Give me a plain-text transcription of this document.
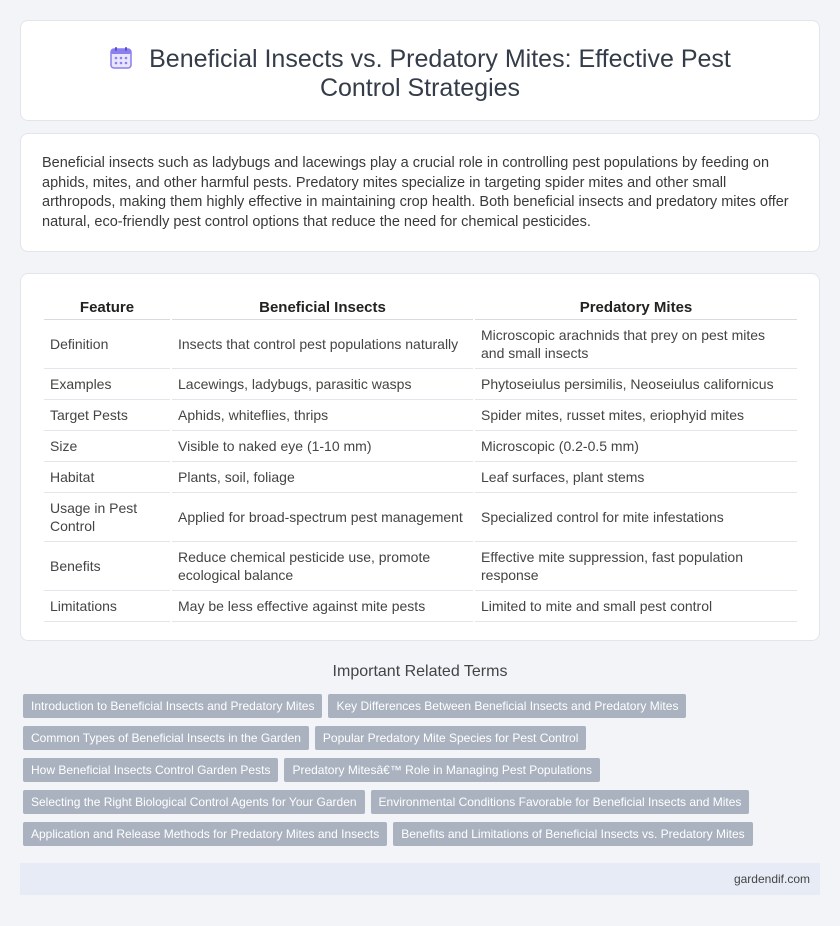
Beneficial Insects vs. Predatory Mites: Effective Pest Control Strategies

Beneficial insects such as ladybugs and lacewings play a crucial role in controlling pest populations by feeding on aphids, mites, and other harmful pests. Predatory mites specialize in targeting spider mites and other small arthropods, making them highly effective in maintaining crop health. Both beneficial insects and predatory mites offer natural, eco-friendly pest control options that reduce the need for chemical pesticides.

Feature	Beneficial Insects	Predatory Mites
Definition	Insects that control pest populations naturally	Microscopic arachnids that prey on pest mites and small insects
Examples	Lacewings, ladybugs, parasitic wasps	Phytoseiulus persimilis, Neoseiulus californicus
Target Pests	Aphids, whiteflies, thrips	Spider mites, russet mites, eriophyid mites
Size	Visible to naked eye (1-10 mm)	Microscopic (0.2-0.5 mm)
Habitat	Plants, soil, foliage	Leaf surfaces, plant stems
Usage in Pest Control	Applied for broad-spectrum pest management	Specialized control for mite infestations
Benefits	Reduce chemical pesticide use, promote ecological balance	Effective mite suppression, fast population response
Limitations	May be less effective against mite pests	Limited to mite and small pest control
Important Related Terms
Introduction to Beneficial Insects and Predatory Mites Key Differences Between Beneficial Insects and Predatory Mites
Common Types of Beneficial Insects in the Garden Popular Predatory Mite Species for Pest Control
How Beneficial Insects Control Garden Pests Predatory Mitesâ€™ Role in Managing Pest Populations
Selecting the Right Biological Control Agents for Your Garden Environmental Conditions Favorable for Beneficial Insects and Mites
Application and Release Methods for Predatory Mites and Insects Benefits and Limitations of Beneficial Insects vs. Predatory Mites
gardendif.com
